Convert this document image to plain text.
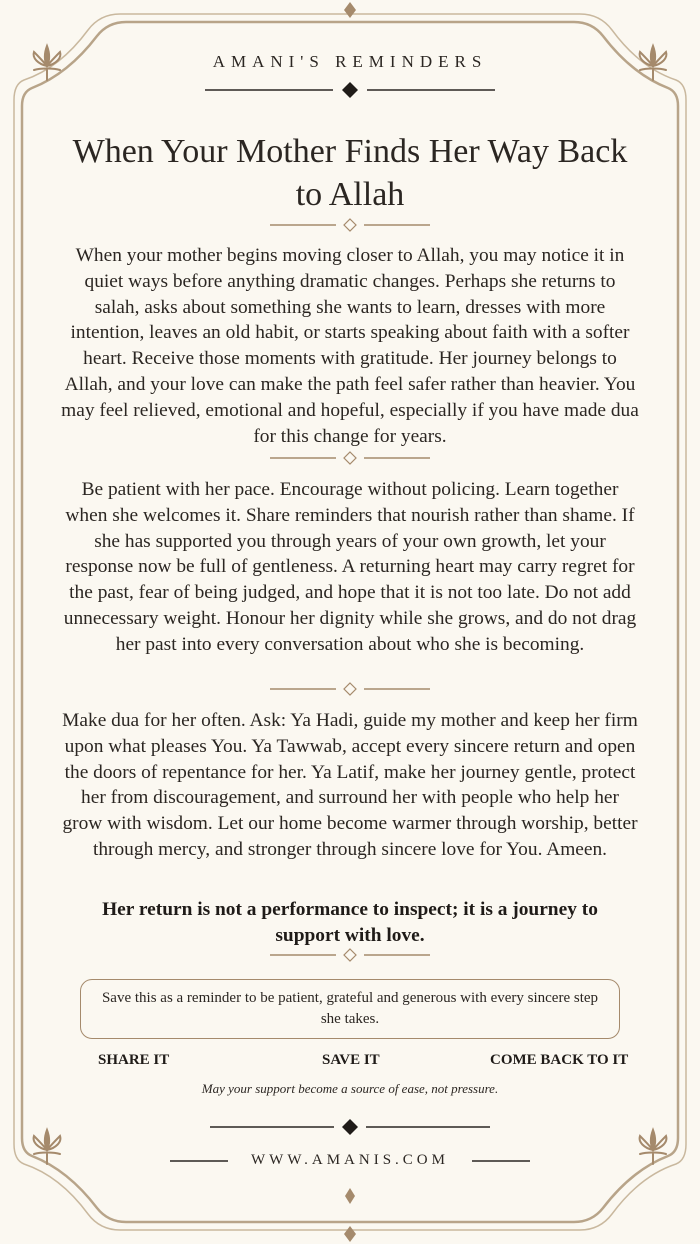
AMANI'S REMINDERS
When Your Mother Finds Her Way Back to Allah

When your mother begins moving closer to Allah, you may notice it in quiet ways before anything dramatic changes. Perhaps she returns to salah, asks about something she wants to learn, dresses with more intention, leaves an old habit, or starts speaking about faith with a softer heart. Receive those moments with gratitude. Her journey belongs to Allah, and your love can make the path feel safer rather than heavier. You may feel relieved, emotional and hopeful, especially if you have made dua for this change for years.

Be patient with her pace. Encourage without policing. Learn together when she welcomes it. Share reminders that nourish rather than shame. If she has supported you through years of your own growth, let your response now be full of gentleness. A returning heart may carry regret for the past, fear of being judged, and hope that it is not too late. Do not add unnecessary weight. Honour her dignity while she grows, and do not drag her past into every conversation about who she is becoming.

Make dua for her often. Ask: Ya Hadi, guide my mother and keep her firm upon what pleases You. Ya Tawwab, accept every sincere return and open the doors of repentance for her. Ya Latif, make her journey gentle, protect her from discouragement, and surround her with people who help her grow with wisdom. Let our home become warmer through worship, better through mercy, and stronger through sincere love for You. Ameen.

Her return is not a performance to inspect; it is a journey to support with love.

Save this as a reminder to be patient, grateful and generous with every sincere step she takes.
SHARE IT	SAVE IT	COME BACK TO IT
May your support become a source of ease, not pressure.
WWW.AMANIS.COM
